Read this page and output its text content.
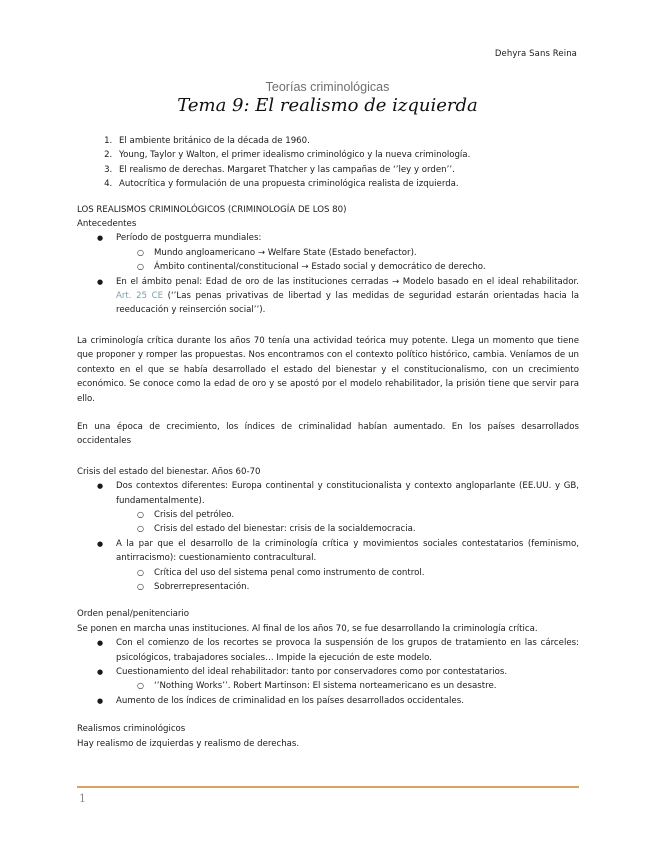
Dehyra Sans Reina
Teorías criminológicas
Tema 9: El realismo de izquierda
1. El ambiente británico de la década de 1960.
2. Young, Taylor y Walton, el primer idealismo criminológico y la nueva criminología.
3. El realismo de derechas. Margaret Thatcher y las campañas de ‘’ley y orden’’.
4. Autocrítica y formulación de una propuesta criminológica realista de izquierda.
LOS REALISMOS CRIMINOLÓGICOS (CRIMINOLOGÍA DE LOS 80)
Antecedentes
● Período de postguerra mundiales:
○ Mundo angloamericano → Welfare State (Estado benefactor).
○ Ámbito continental/constitucional → Estado social y democrático de derecho.
● En el ámbito penal: Edad de oro de las instituciones cerradas → Modelo basado en el ideal rehabilitador. Art. 25 CE (‘’Las penas privativas de libertad y las medidas de seguridad estarán orientadas hacia la reeducación y reinserción social’’).
La criminología crítica durante los años 70 tenía una actividad teórica muy potente. Llega un momento que tiene que proponer y romper las propuestas. Nos encontramos con el contexto político histórico, cambia. Veníamos de un contexto en el que se había desarrollado el estado del bienestar y el constitucionalismo, con un crecimiento económico. Se conoce como la edad de oro y se apostó por el modelo rehabilitador, la prisión tiene que servir para ello.
En una época de crecimiento, los índices de criminalidad habían aumentado. En los países desarrollados occidentales
Crisis del estado del bienestar. Años 60-70
● Dos contextos diferentes: Europa continental y constitucionalista y contexto angloparlante (EE.UU. y GB, fundamentalmente).
○ Crisis del petróleo.
○ Crisis del estado del bienestar: crisis de la socialdemocracia.
● A la par que el desarrollo de la criminología crítica y movimientos sociales contestatarios (feminismo, antirracismo): cuestionamiento contracultural.
○ Crítica del uso del sistema penal como instrumento de control.
○ Sobrerrepresentación.
Orden penal/penitenciario
Se ponen en marcha unas instituciones. Al final de los años 70, se fue desarrollando la criminología crítica.
● Con el comienzo de los recortes se provoca la suspensión de los grupos de tratamiento en las cárceles: psicológicos, trabajadores sociales… Impide la ejecución de este modelo.
● Cuestionamiento del ideal rehabilitador: tanto por conservadores como por contestatarios.
○ ‘’Nothing Works’’. Robert Martinson: El sistema norteamericano es un desastre.
● Aumento de los índices de criminalidad en los países desarrollados occidentales.
Realismos criminológicos
Hay realismo de izquierdas y realismo de derechas.
1
